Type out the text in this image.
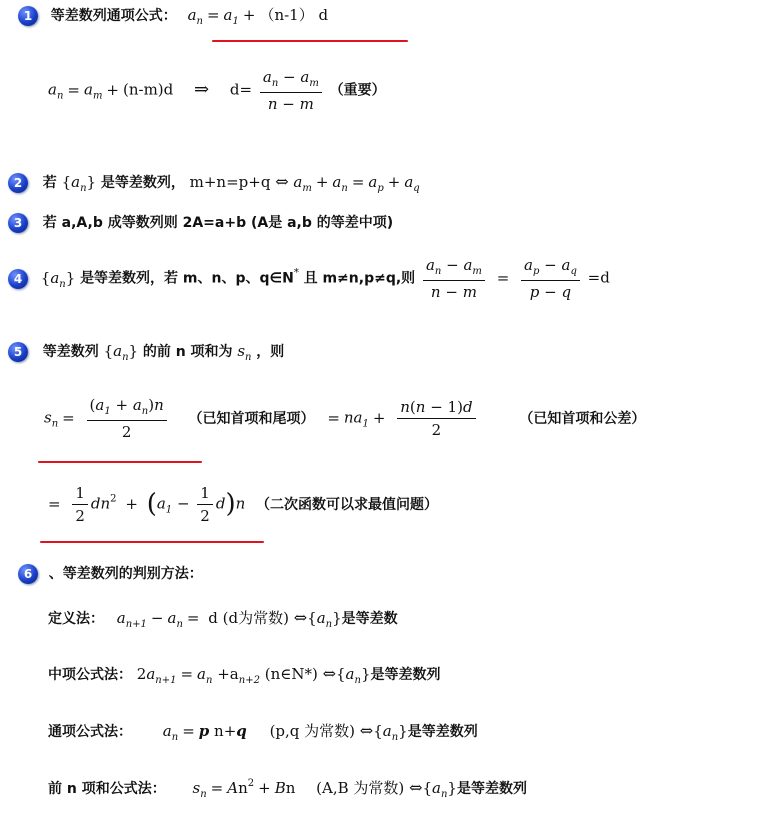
1 等差数列通项公式： $a_n = a_1 + (n-1)$ d
$a_n = a_m + (n-m)d$ ⇒ $d= \frac{a_n - a_m}{n - m}$ （重要）
2 若 $\{a_n\}$ 是等差数列， m+n=p+q ⇔ $a_m + a_n = a_p + a_q$
3 若 a,A,b 成等数列则 2A=a+b (A是 a,b 的等差中项)
4 $\{a_n\}$ 是等差数列，若 m、n、p、q∈N* 且 m≠n,p≠q,则 $\frac{a_n - a_m}{n - m} = \frac{a_p - a_q}{p - q} =d$
5 等差数列 $\{a_n\}$ 的前 n 项和为 $s_n$ ，则
$s_n = \frac{(a_1 + a_n)n}{2}$ （已知首项和尾项） = $na_1 + \frac{n(n - 1)d}{2}$	（已知首项和公差）
= $\frac{1}{2} dn^2 + (a_1 - \frac{1}{2} d)n$ （二次函数可以求最值问题）
6 、等差数列的判别方法：
定义法： $a_{n+1} - a_n = d$ (d为常数) $\Leftrightarrow\{a_n\}$是等差数
中项公式法： $2a_{n+1} = a_n +a_{n+2}$ (n∈N*) $\Leftrightarrow\{a_n\}$是等差数列
通项公式法： $a_n = p$ n+q (p,q 为常数) $\Leftrightarrow\{a_n\}$是等差数列
前 n 项和公式法： $s_n = An^2 + Bn$ (A,B 为常数) $\Leftrightarrow\{a_n\}$是等差数列
